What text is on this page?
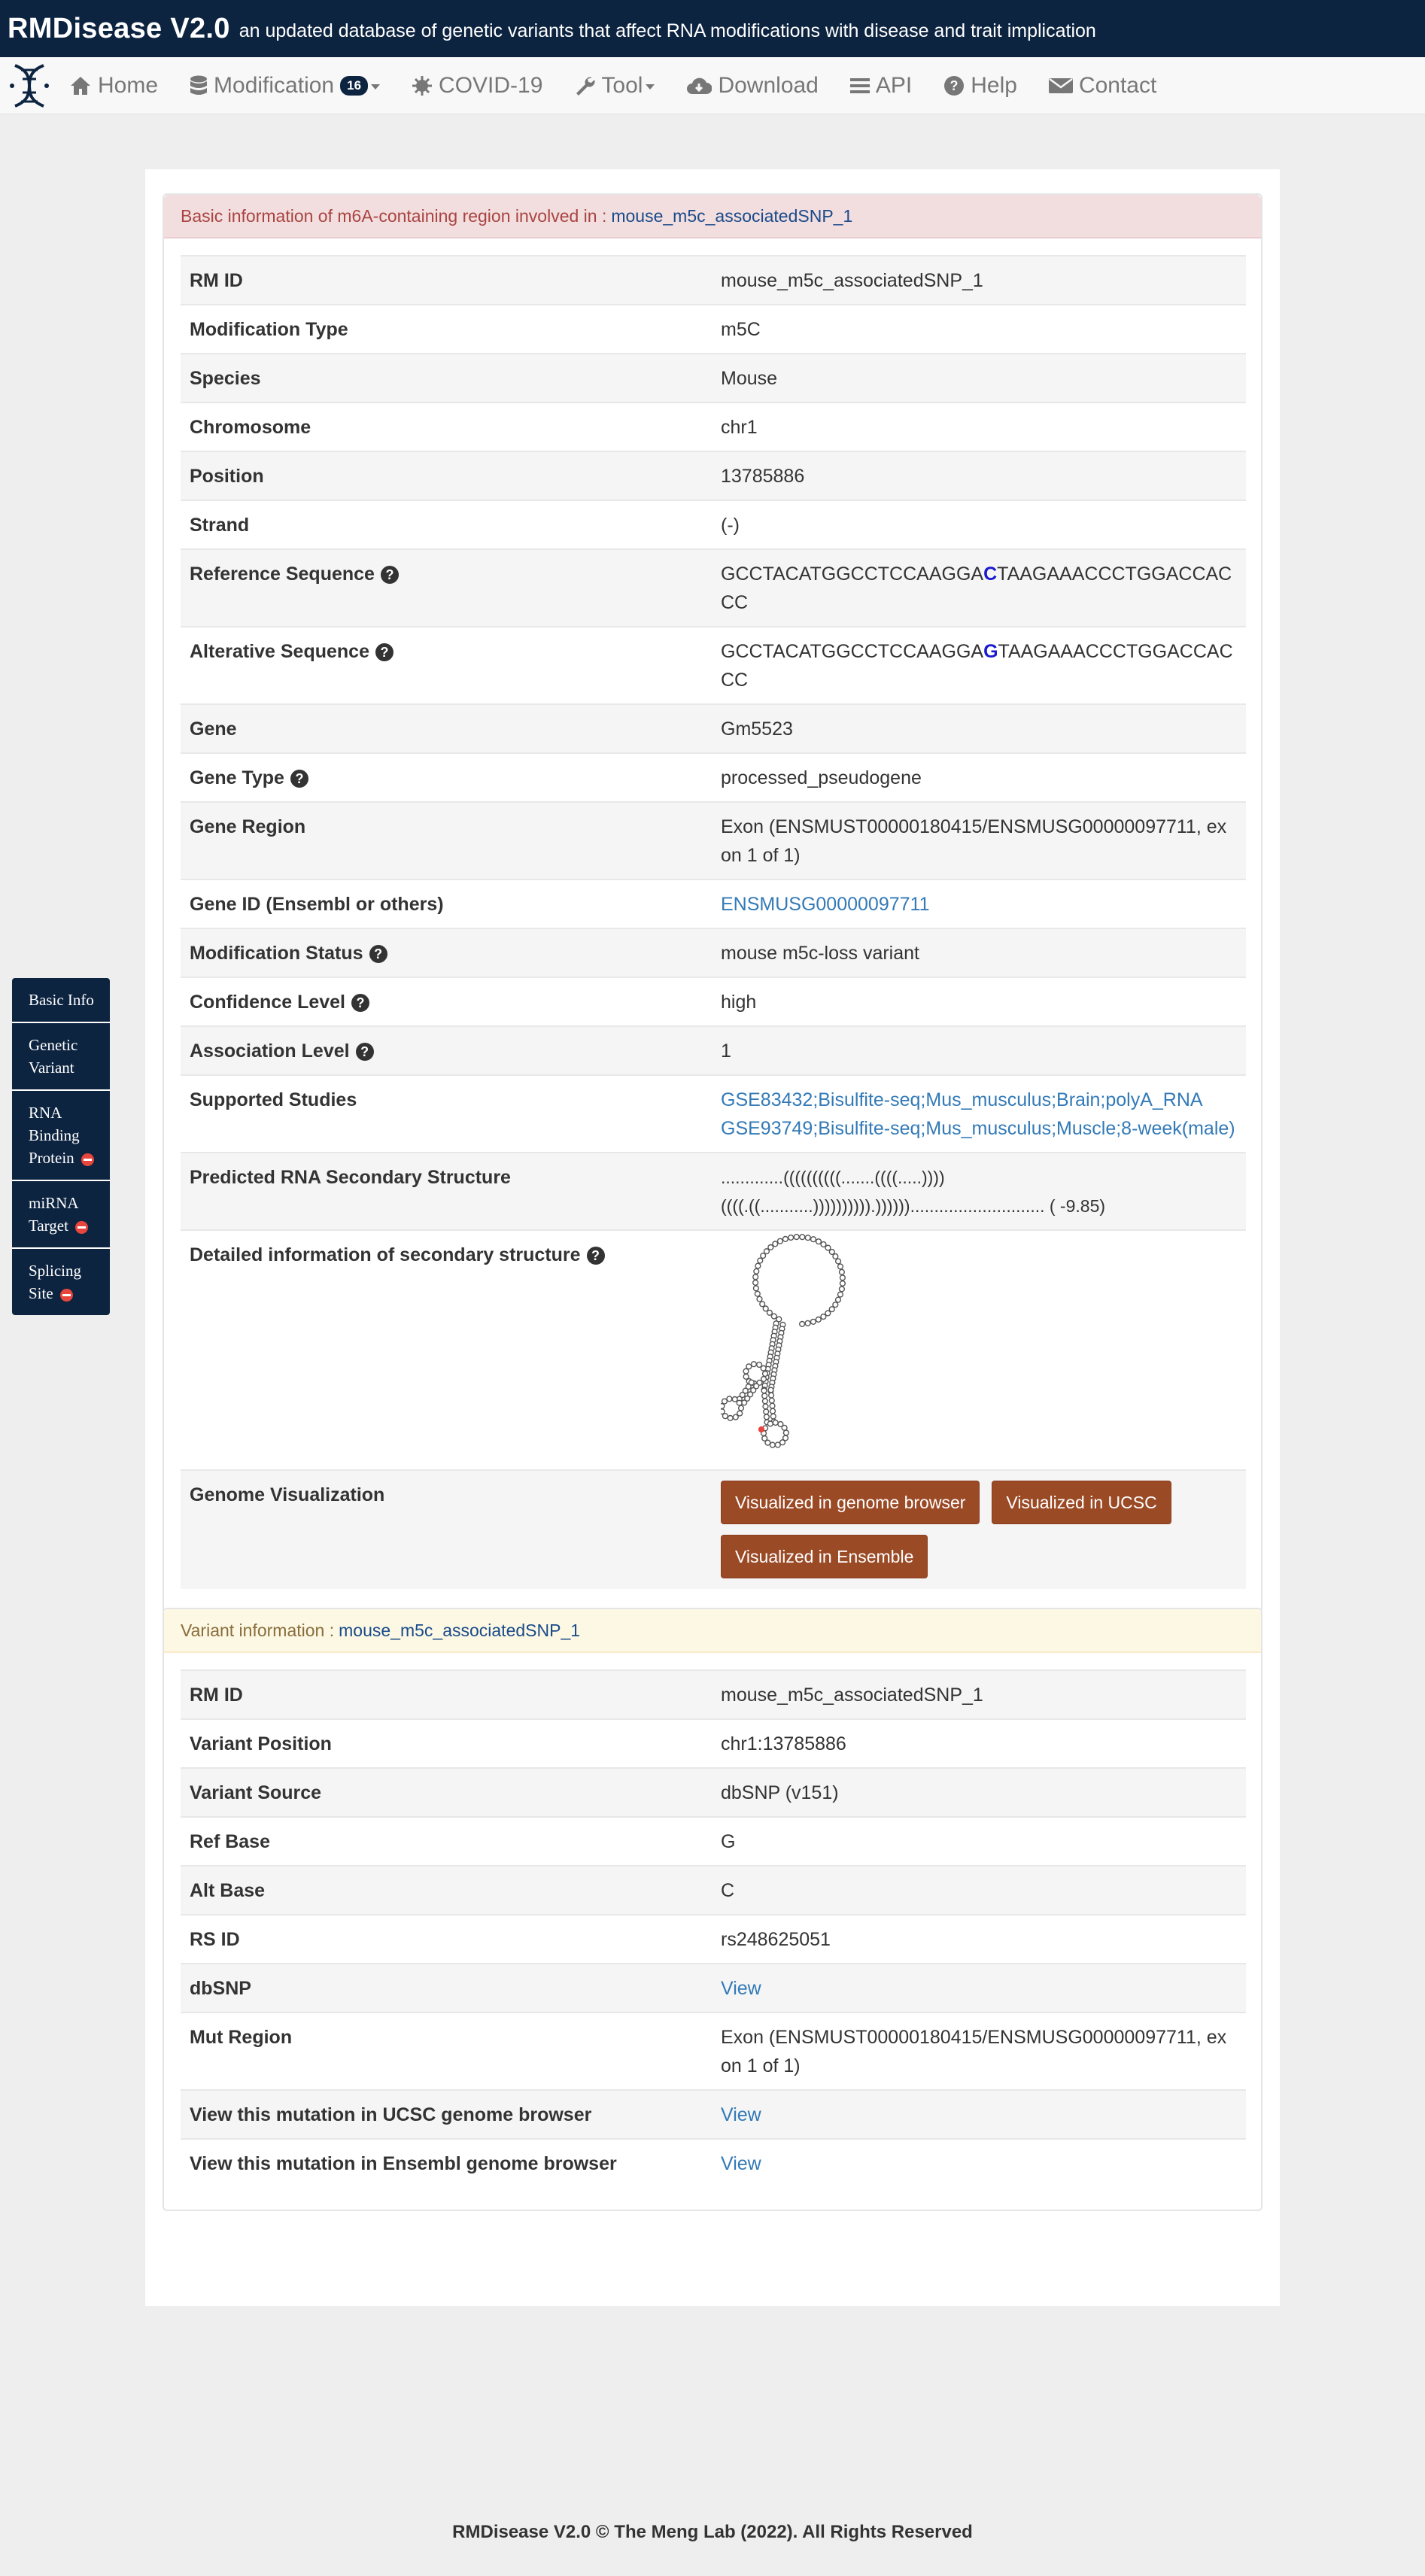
RMDisease V2.0 an updated database of genetic variants that affect RNA modifications with disease and trait implication
Home Modification	16	COVID-19	Tool	Download	API	? Help	Contact
Basic Info
Genetic Variant
RNA Binding Protein
miRNA Target
Splicing Site
Basic information of m6A-containing region involved in : mouse_m5c_associatedSNP_1
RM ID	mouse_m5c_associatedSNP_1
Modification Type	m5C
Species	Mouse
Chromosome	chr1
Position	13785886
Strand	(-)
Reference Sequence ?	GCCTACATGGCCTCCAAGGACTAAGAAACCCTGGACCACCC
Alterative Sequence ?	GCCTACATGGCCTCCAAGGAGTAAGAAACCCTGGACCACCC
Gene	Gm5523
Gene Type ?	processed_pseudogene
Gene Region	Exon (ENSMUST00000180415/ENSMUSG00000097711, exon 1 of 1)
Gene ID (Ensembl or others)	ENSMUSG00000097711
Modification Status ?	mouse m5c-loss variant
Confidence Level ?	high
Association Level ?	1
Supported Studies	GSE83432;Bisulfite-seq;Mus_musculus;Brain;polyA_RNA
GSE93749;Bisulfite-seq;Mus_musculus;Muscle;8-week(male)
Predicted RNA Secondary Structure	.............((((((((((.......((((.....))))
((((.((...........)))))))))).))))))............................ ( -9.85)
Detailed information of secondary structure ?	
Genome Visualization	Visualized in genome browser Visualized in UCSC
Visualized in Ensemble
Variant information : mouse_m5c_associatedSNP_1
RM ID	mouse_m5c_associatedSNP_1
Variant Position	chr1:13785886
Variant Source	dbSNP (v151)
Ref Base	G
Alt Base	C
RS ID	rs248625051
dbSNP	View
Mut Region	Exon (ENSMUST00000180415/ENSMUSG00000097711, exon 1 of 1)
View this mutation in UCSC genome browser	View
View this mutation in Ensembl genome browser	View
RMDisease V2.0 © The Meng Lab (2022). All Rights Reserved
